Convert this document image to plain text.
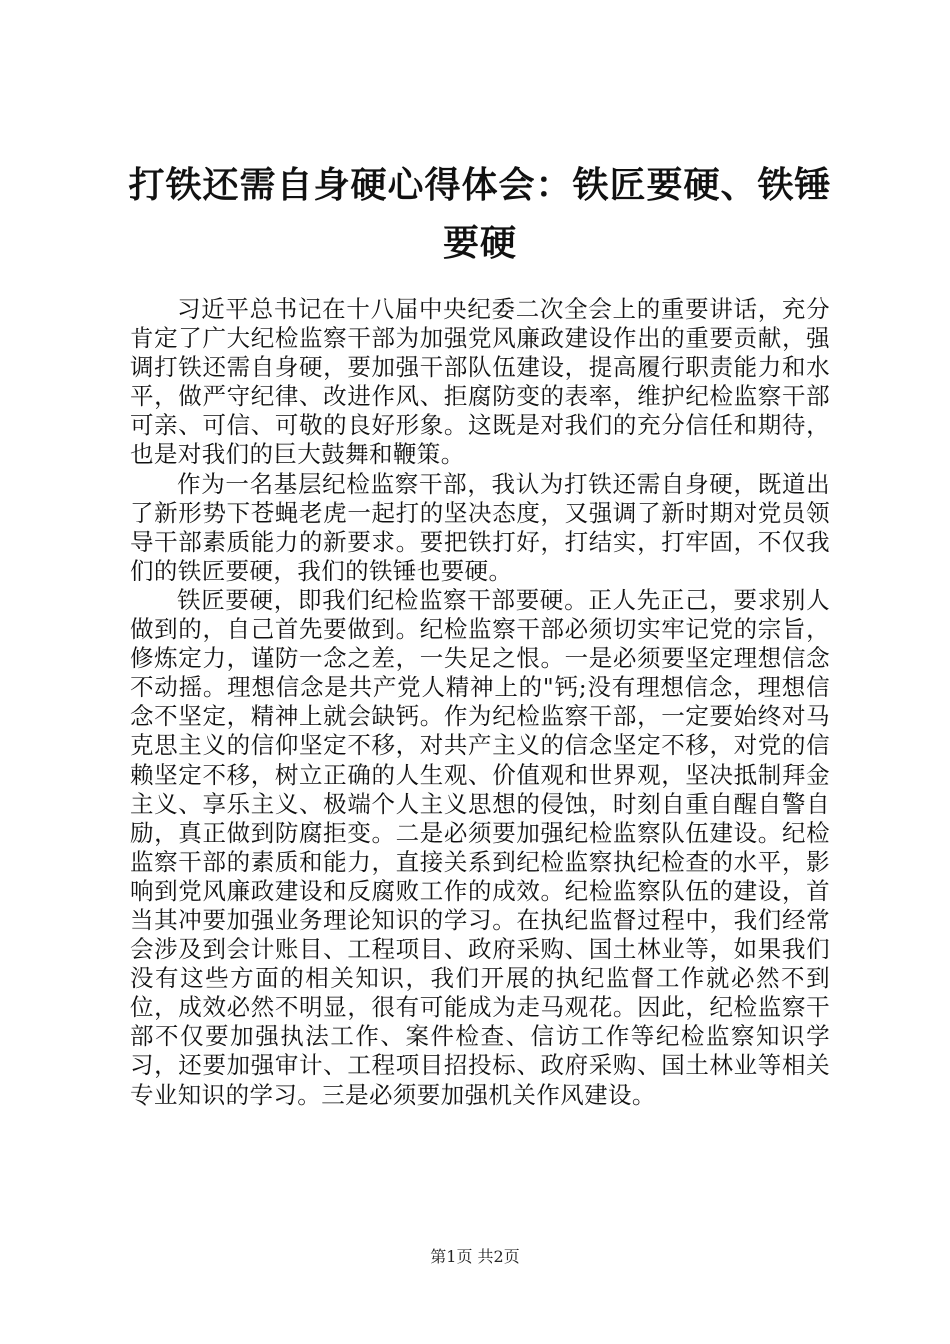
打铁还需自身硬心得体会：铁匠要硬、铁锤要硬

习近平总书记在十八届中央纪委二次全会上的重要讲话，充分肯定了广大纪检监察干部为加强党风廉政建设作出的重要贡献，强调打铁还需自身硬，要加强干部队伍建设，提高履行职责能力和水平，做严守纪律、改进作风、拒腐防变的表率，维护纪检监察干部可亲、可信、可敬的良好形象。这既是对我们的充分信任和期待，也是对我们的巨大鼓舞和鞭策。

作为一名基层纪检监察干部，我认为打铁还需自身硬，既道出了新形势下苍蝇老虎一起打的坚决态度，又强调了新时期对党员领导干部素质能力的新要求。要把铁打好，打结实，打牢固，不仅我们的铁匠要硬，我们的铁锤也要硬。

铁匠要硬，即我们纪检监察干部要硬。正人先正己，要求别人做到的，自己首先要做到。纪检监察干部必须切实牢记党的宗旨，修炼定力，谨防一念之差，一失足之恨。一是必须要坚定理想信念不动摇。理想信念是共产党人精神上的"钙;没有理想信念，理想信念不坚定，精神上就会缺钙。作为纪检监察干部，一定要始终对马克思主义的信仰坚定不移，对共产主义的信念坚定不移，对党的信赖坚定不移，树立正确的人生观、价值观和世界观，坚决抵制拜金主义、享乐主义、极端个人主义思想的侵蚀，时刻自重自醒自警自励，真正做到防腐拒变。二是必须要加强纪检监察队伍建设。纪检监察干部的素质和能力，直接关系到纪检监察执纪检查的水平，影响到党风廉政建设和反腐败工作的成效。纪检监察队伍的建设，首当其冲要加强业务理论知识的学习。在执纪监督过程中，我们经常会涉及到会计账目、工程项目、政府采购、国土林业等，如果我们没有这些方面的相关知识，我们开展的执纪监督工作就必然不到位，成效必然不明显，很有可能成为走马观花。因此，纪检监察干部不仅要加强执法工作、案件检查、信访工作等纪检监察知识学习，还要加强审计、工程项目招投标、政府采购、国土林业等相关专业知识的学习。三是必须要加强机关作风建设。

第1页 共2页
